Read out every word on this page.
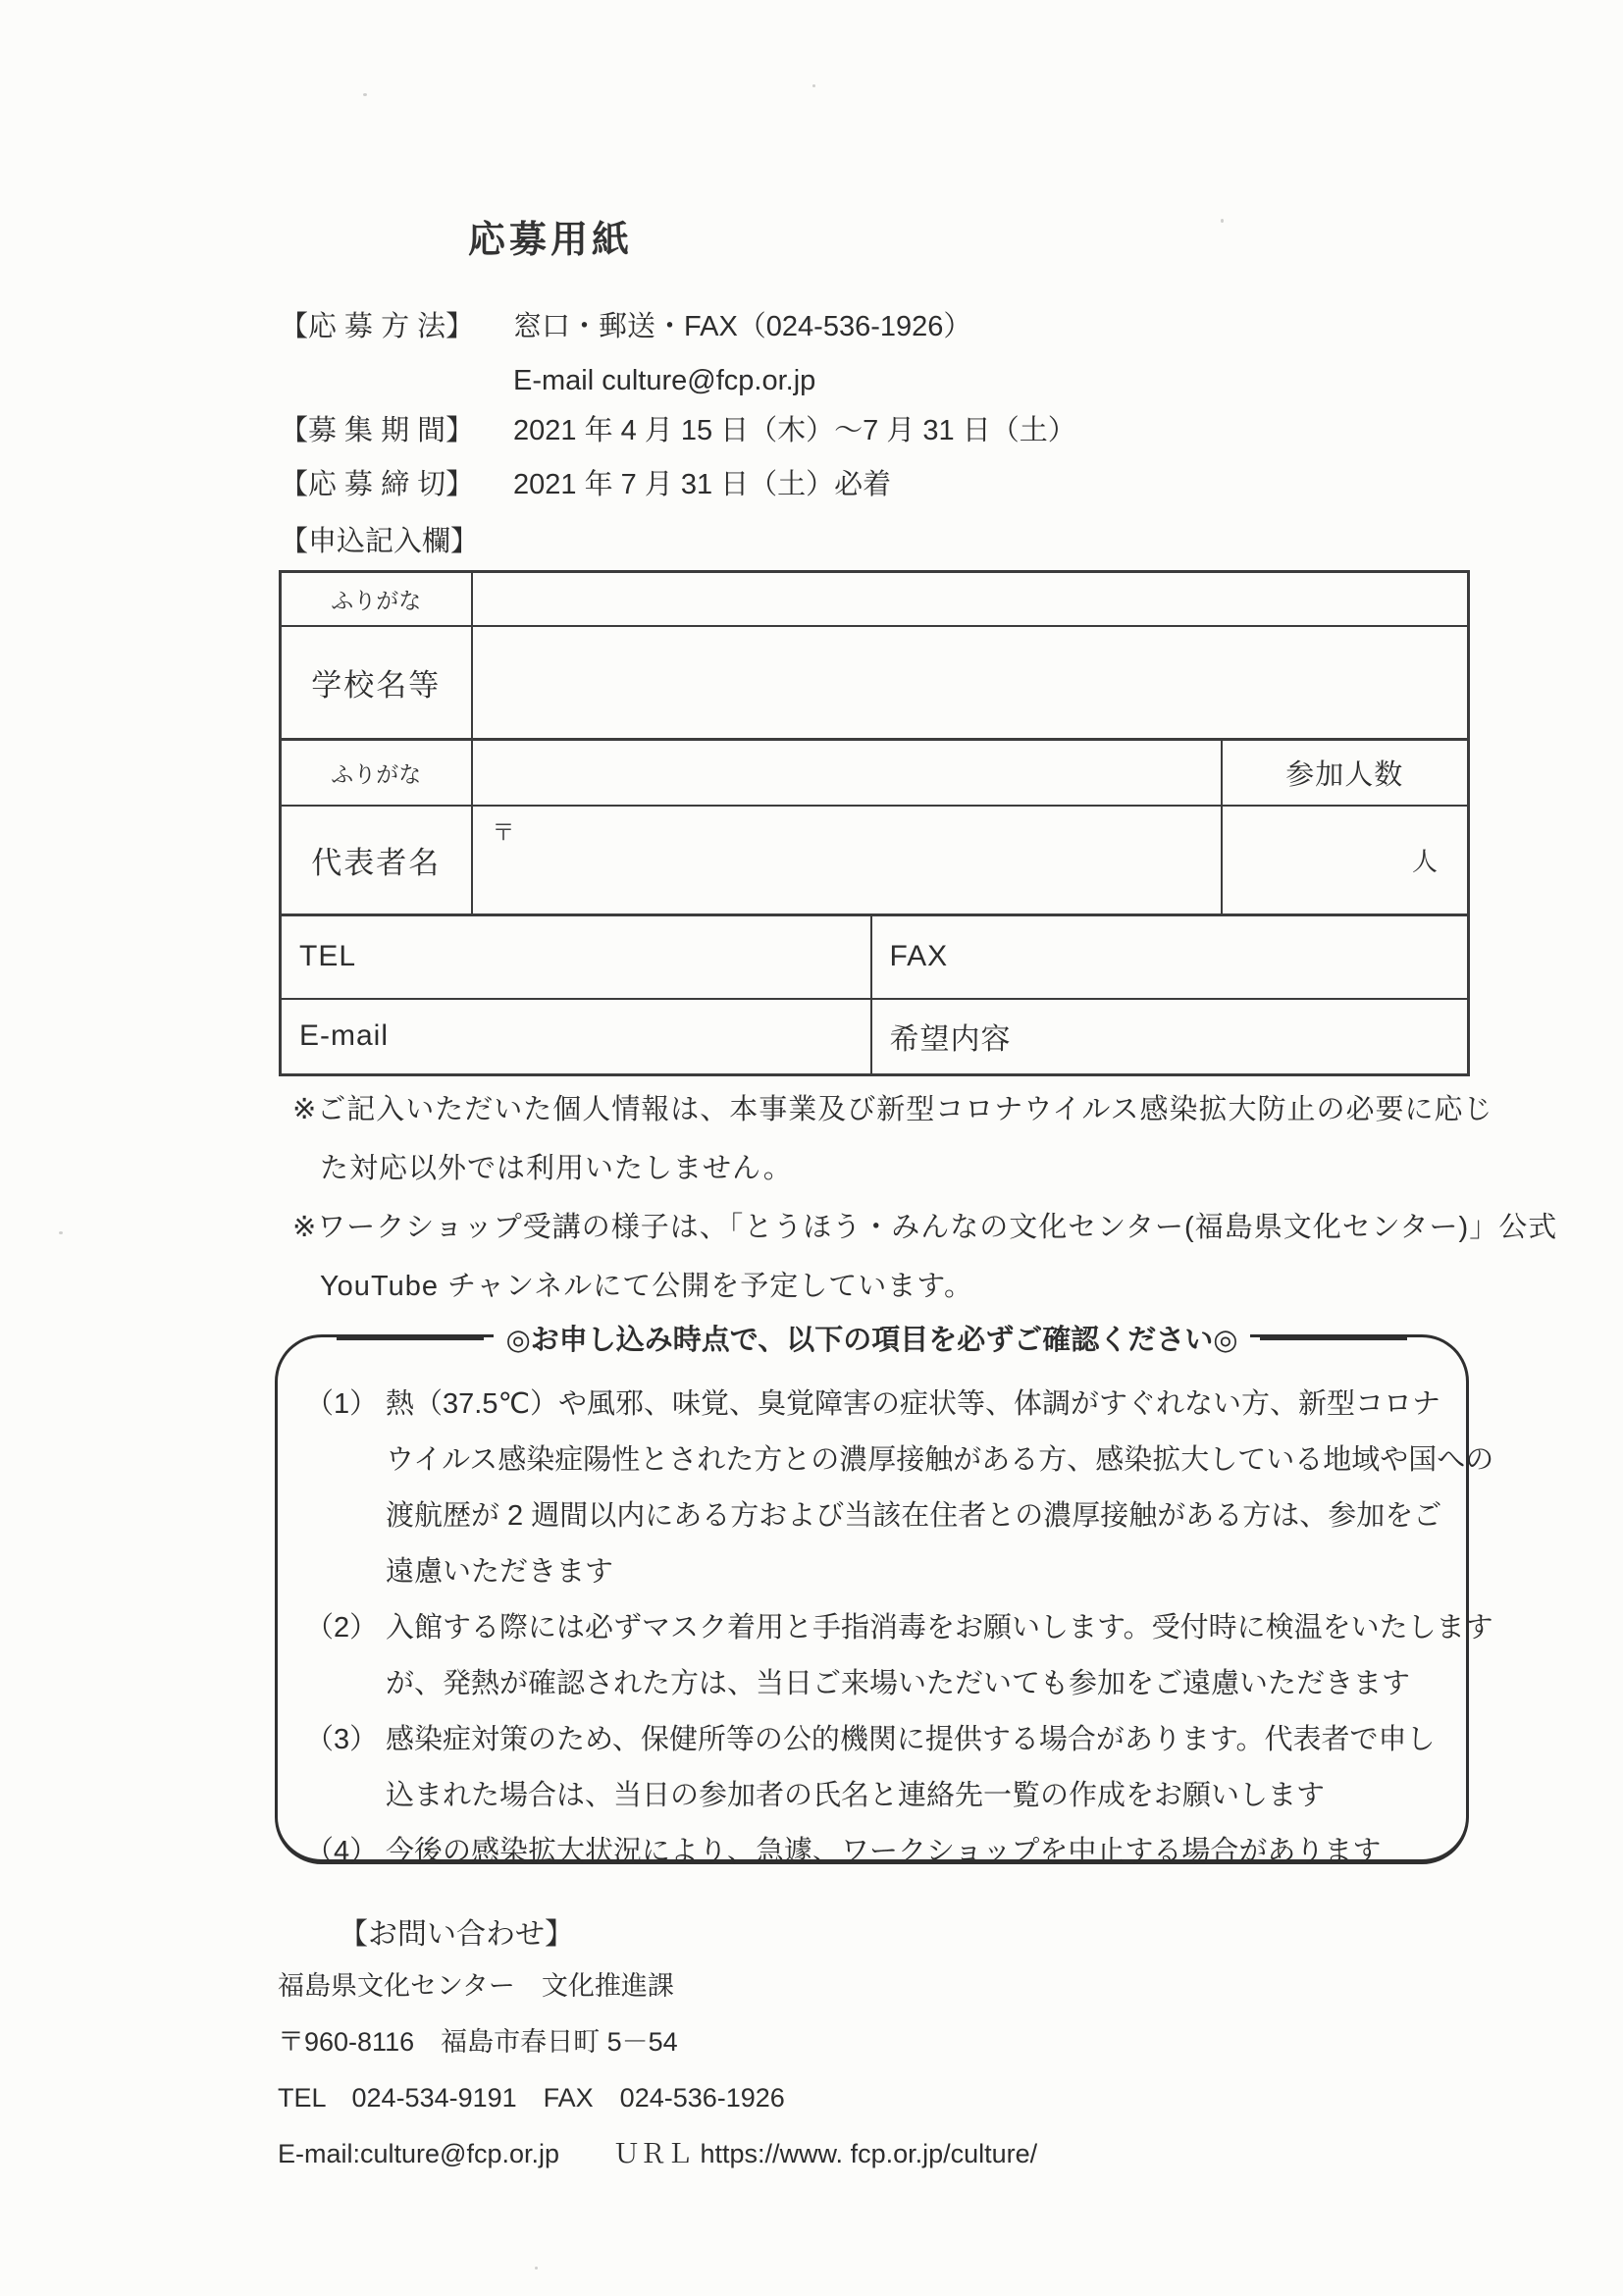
応募用紙
【応 募 方 法】 窓口・郵送・FAX（024-536-1926）
E-mail culture@fcp.or.jp
【募 集 期 間】 2021 年 4 月 15 日（木）～7 月 31 日（土）
【応 募 締 切】 2021 年 7 月 31 日（土）必着
【申込記入欄】
ふりがな			
学校名等			
ふりがな			参加人数
代表者名	〒		人
TEL		FAX	
E-mail		希望内容	
※ご記入いただいた個人情報は、本事業及び新型コロナウイルス感染拡大防止の必要に応じ
た対応以外では利用いたしません。
※ワークショップ受講の様子は、「とうほう・みんなの文化センター(福島県文化センター)」公式
YouTube チャンネルにて公開を予定しています。
◎お申し込み時点で、以下の項目を必ずご確認ください◎
（1） 熱（37.5℃）や風邪、味覚、臭覚障害の症状等、体調がすぐれない方、新型コロナ
ウイルス感染症陽性とされた方との濃厚接触がある方、感染拡大している地域や国への
渡航歴が 2 週間以内にある方および当該在住者との濃厚接触がある方は、参加をご
遠慮いただきます
（2） 入館する際には必ずマスク着用と手指消毒をお願いします。受付時に検温をいたします
が、発熱が確認された方は、当日ご来場いただいても参加をご遠慮いただきます
（3） 感染症対策のため、保健所等の公的機関に提供する場合があります。代表者で申し
込まれた場合は、当日の参加者の氏名と連絡先一覧の作成をお願いします
（4） 今後の感染拡大状況により、急遽、ワークショップを中止する場合があります
【お問い合わせ】
福島県文化センター　文化推進課
〒960-8116　福島市春日町 5－54
TEL　024-534-9191　FAX　024-536-1926
E-mail:culture@fcp.or.jp ＵＲＬ https://www. fcp.or.jp/culture/
